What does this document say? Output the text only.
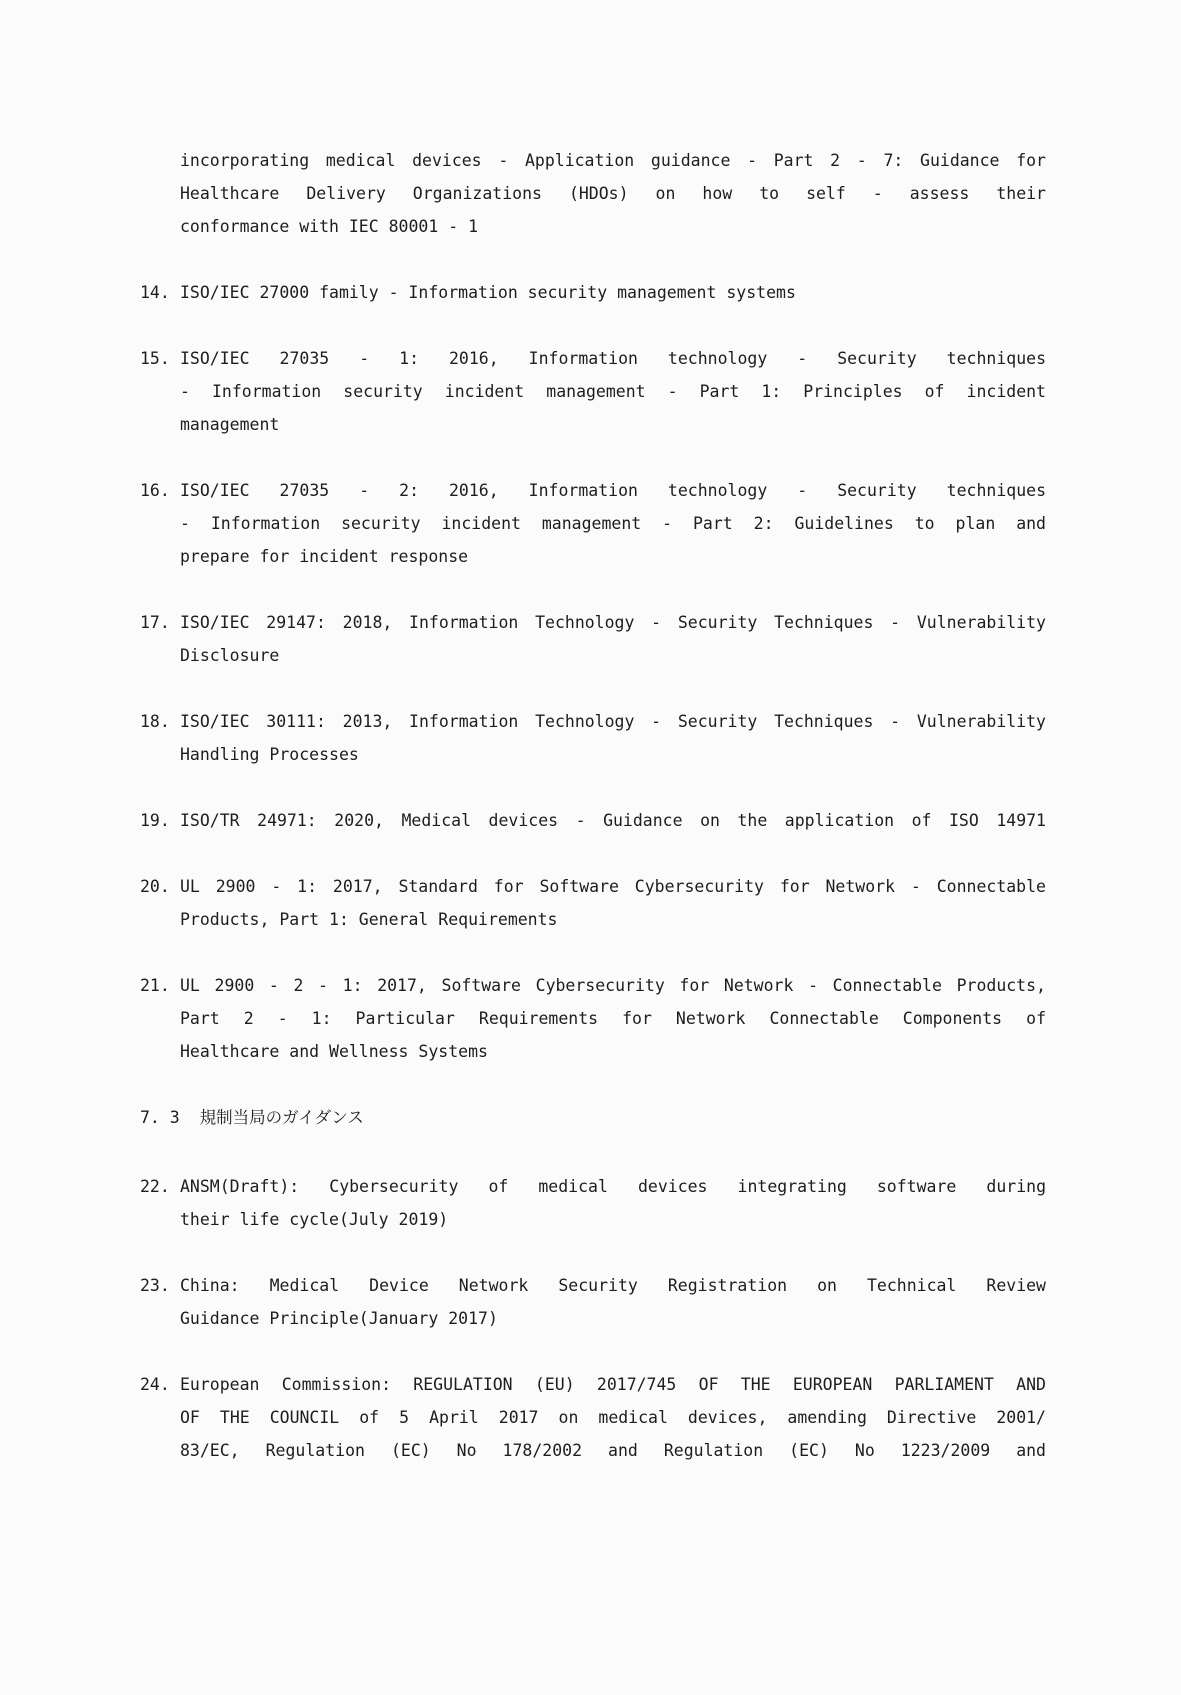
incorporating medical devices - Application guidance - Part 2 - 7: Guidance for
Healthcare Delivery Organizations (HDOs) on how to self - assess their
conformance with IEC 80001 - 1
14. ISO/IEC 27000 family - Information security management systems
15. ISO/IEC 27035 - 1: 2016, Information technology - Security techniques
- Information security incident management - Part 1: Principles of incident
management
16. ISO/IEC 27035 - 2: 2016, Information technology - Security techniques
- Information security incident management - Part 2: Guidelines to plan and
prepare for incident response
17. ISO/IEC 29147: 2018, Information Technology - Security Techniques - Vulnerability
Disclosure
18. ISO/IEC 30111: 2013, Information Technology - Security Techniques - Vulnerability
Handling Processes
19. ISO/TR 24971: 2020, Medical devices - Guidance on the application of ISO 14971
20. UL 2900 - 1: 2017, Standard for Software Cybersecurity for Network - Connectable
Products, Part 1: General Requirements
21. UL 2900 - 2 - 1: 2017, Software Cybersecurity for Network - Connectable Products,
Part 2 - 1: Particular Requirements for Network Connectable Components of
Healthcare and Wellness Systems
7. 3  規制当局のガイダンス
22. ANSM(Draft): Cybersecurity of medical devices integrating software during
their life cycle(July 2019)
23. China: Medical Device Network Security Registration on Technical Review
Guidance Principle(January 2017)
24. European Commission: REGULATION (EU) 2017/745 OF THE EUROPEAN PARLIAMENT AND
OF THE COUNCIL of 5 April 2017 on medical devices, amending Directive 2001/
83/EC, Regulation (EC) No 178/2002 and Regulation (EC) No 1223/2009 and
